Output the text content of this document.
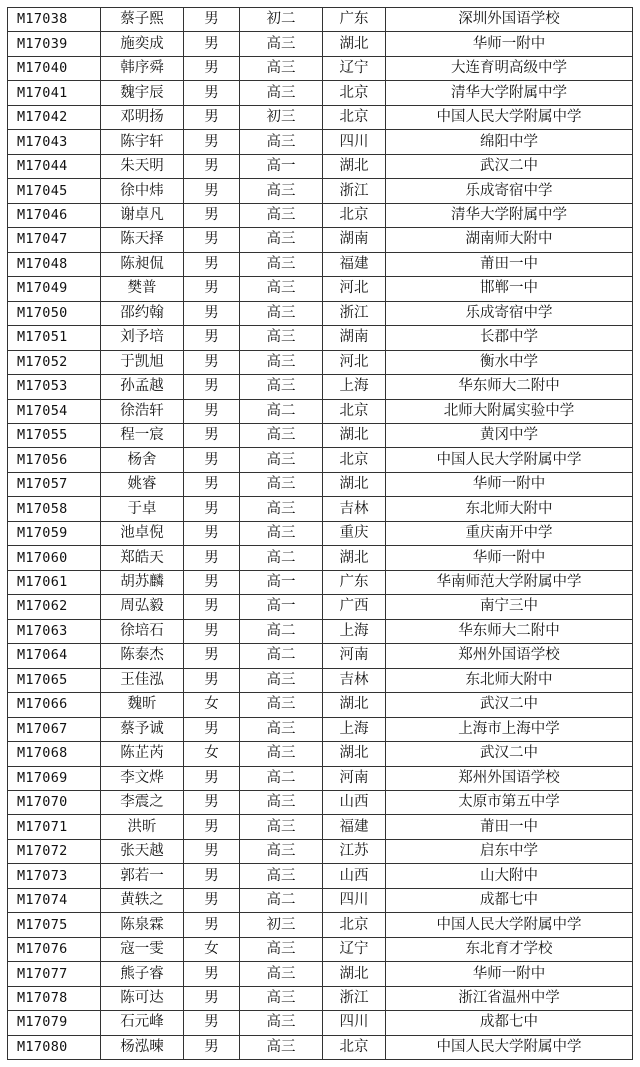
M17038	蔡子熙	男	初二	广东	深圳外国语学校
M17039	施奕成	男	高三	湖北	华师一附中
M17040	韩序舜	男	高三	辽宁	大连育明高级中学
M17041	魏宇辰	男	高三	北京	清华大学附属中学
M17042	邓明扬	男	初三	北京	中国人民大学附属中学
M17043	陈宇轩	男	高三	四川	绵阳中学
M17044	朱天明	男	高一	湖北	武汉二中
M17045	徐中炜	男	高三	浙江	乐成寄宿中学
M17046	谢卓凡	男	高三	北京	清华大学附属中学
M17047	陈天择	男	高三	湖南	湖南师大附中
M17048	陈昶侃	男	高三	福建	莆田一中
M17049	樊普	男	高三	河北	邯郸一中
M17050	邵约翰	男	高三	浙江	乐成寄宿中学
M17051	刘予培	男	高三	湖南	长郡中学
M17052	于凯旭	男	高三	河北	衡水中学
M17053	孙孟越	男	高三	上海	华东师大二附中
M17054	徐浩轩	男	高二	北京	北师大附属实验中学
M17055	程一宸	男	高三	湖北	黄冈中学
M17056	杨舍	男	高三	北京	中国人民大学附属中学
M17057	姚睿	男	高三	湖北	华师一附中
M17058	于卓	男	高三	吉林	东北师大附中
M17059	池卓倪	男	高三	重庆	重庆南开中学
M17060	郑皓天	男	高二	湖北	华师一附中
M17061	胡苏麟	男	高一	广东	华南师范大学附属中学
M17062	周弘毅	男	高一	广西	南宁三中
M17063	徐培石	男	高二	上海	华东师大二附中
M17064	陈泰杰	男	高二	河南	郑州外国语学校
M17065	王佳泓	男	高三	吉林	东北师大附中
M17066	魏昕	女	高三	湖北	武汉二中
M17067	蔡予诚	男	高三	上海	上海市上海中学
M17068	陈芷芮	女	高三	湖北	武汉二中
M17069	李文烨	男	高二	河南	郑州外国语学校
M17070	李震之	男	高三	山西	太原市第五中学
M17071	洪昕	男	高三	福建	莆田一中
M17072	张天越	男	高三	江苏	启东中学
M17073	郭若一	男	高三	山西	山大附中
M17074	黄轶之	男	高二	四川	成都七中
M17075	陈泉霖	男	初三	北京	中国人民大学附属中学
M17076	寇一雯	女	高三	辽宁	东北育才学校
M17077	熊子睿	男	高三	湖北	华师一附中
M17078	陈可达	男	高三	浙江	浙江省温州中学
M17079	石元峰	男	高三	四川	成都七中
M17080	杨泓暕	男	高三	北京	中国人民大学附属中学
